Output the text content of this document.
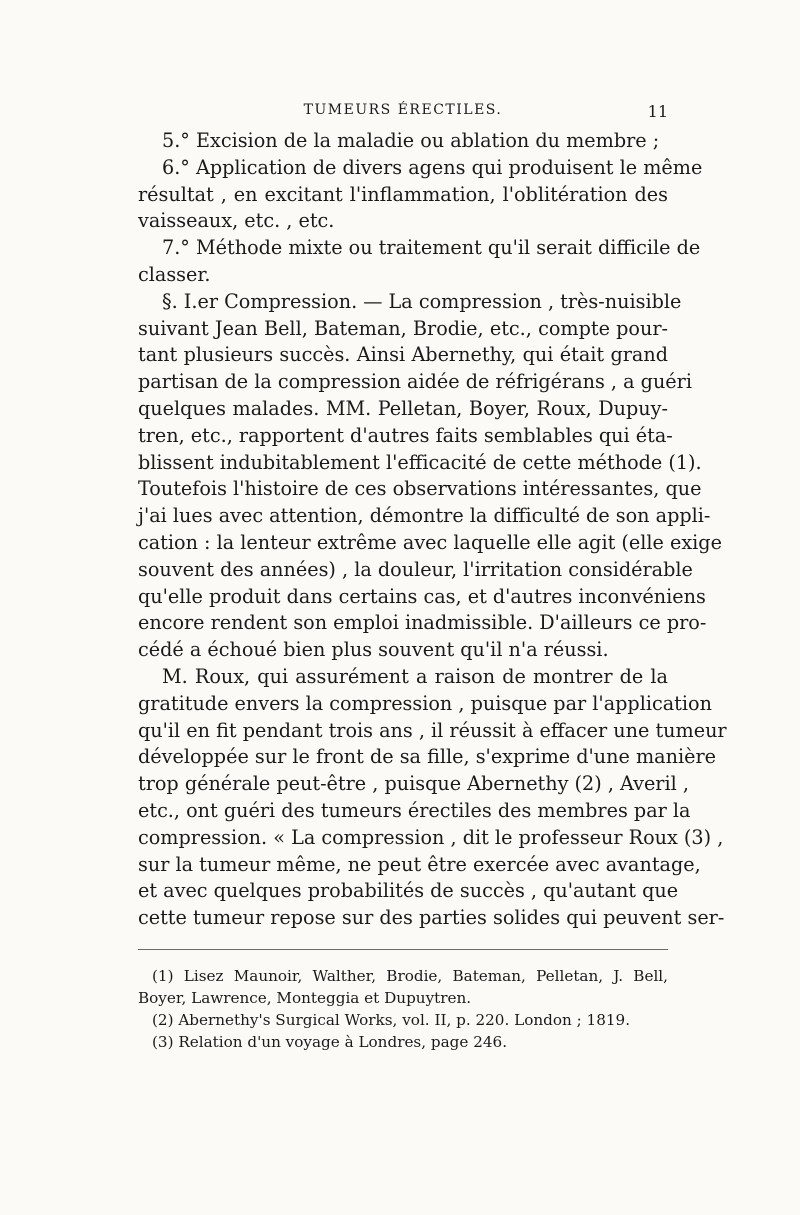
TUMEURS ÉRECTILES.	11
5.° Excision de la maladie ou ablation du membre ;
6.° Application de divers agens qui produisent le même
résultat , en excitant l'inflammation, l'oblitération des
vaisseaux, etc. , etc.
7.° Méthode mixte ou traitement qu'il serait difficile de
classer.
§. I.er Compression. — La compression , très-nuisible
suivant Jean Bell, Bateman, Brodie, etc., compte pour-
tant plusieurs succès. Ainsi Abernethy, qui était grand
partisan de la compression aidée de réfrigérans , a guéri
quelques malades. MM. Pelletan, Boyer, Roux, Dupuy-
tren, etc., rapportent d'autres faits semblables qui éta-
blissent indubitablement l'efficacité de cette méthode (1).
Toutefois l'histoire de ces observations intéressantes, que
j'ai lues avec attention, démontre la difficulté de son appli-
cation : la lenteur extrême avec laquelle elle agit (elle exige
souvent des années) , la douleur, l'irritation considérable
qu'elle produit dans certains cas, et d'autres inconvéniens
encore rendent son emploi inadmissible. D'ailleurs ce pro-
cédé a échoué bien plus souvent qu'il n'a réussi.
M. Roux, qui assurément a raison de montrer de la
gratitude envers la compression , puisque par l'application
qu'il en fit pendant trois ans , il réussit à effacer une tumeur
développée sur le front de sa fille, s'exprime d'une manière
trop générale peut-être , puisque Abernethy (2) , Averil ,
etc., ont guéri des tumeurs érectiles des membres par la
compression. « La compression , dit le professeur Roux (3) ,
sur la tumeur même, ne peut être exercée avec avantage,
et avec quelques probabilités de succès , qu'autant que
cette tumeur repose sur des parties solides qui peuvent ser-
(1) Lisez Maunoir, Walther, Brodie, Bateman, Pelletan, J. Bell,
Boyer, Lawrence, Monteggia et Dupuytren.
(2) Abernethy's Surgical Works, vol. II, p. 220. London ; 1819.
(3) Relation d'un voyage à Londres, page 246.
